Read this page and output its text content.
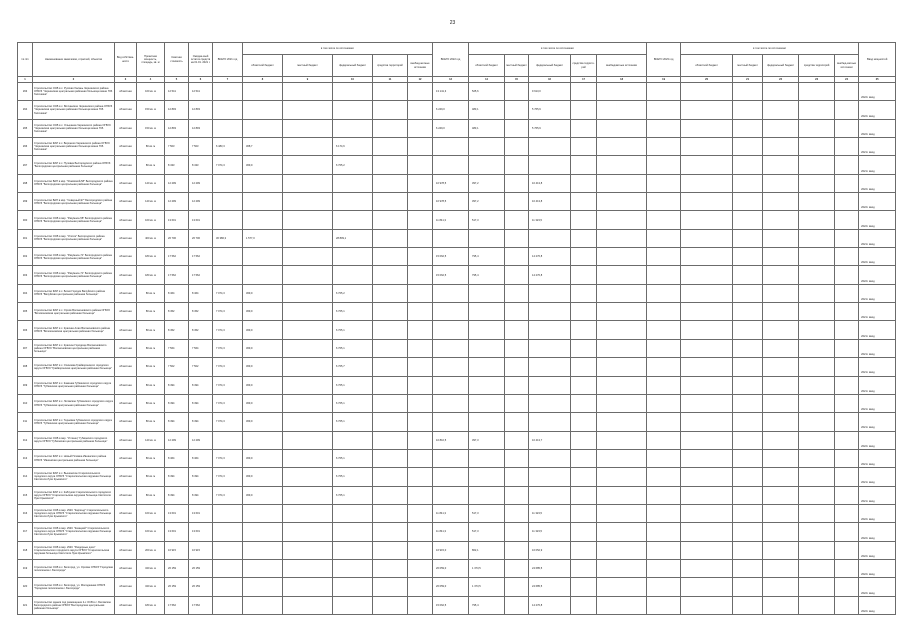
23
№ п/п	Наименование заказчиков, отраслей, объектов	Вид собствен-ности	Проектная мощность, площадь, кв. м	Сметная стоимость	Ожидае-мый остаток средств на 01.01. 2021 г.	ВСЕГО 2021 год	в том числе по источникам:					ВСЕГО 2022 год	в том числе по источникам:					ВСЕГО 2023 год	в том числе по источникам:					Ввод мощностей
							областной бюджет	местный бюджет	федеральный бюджет	средства территорий	внебюд-жетные источники		областной бюджет	местный бюджет	федеральный бюджет	средства террито-рий	внебюджетные источники		областной бюджет	местный бюджет	федеральный бюджет	средства территорий	внебюд-жетные источники	
1	2	3	4	5	6	7	8	9	10	11	12	13	14	15	16	17	18	19	20	21	22	23	24	25
293	Строительство ОСВ в с. Русская Халань Чернянского района ОГБУЗ "Чернянская центральная районная больница имени П.В. Гапочкина"	областная	160 кв. м	12 541	12 541							13 141,3	525,6		9 613,0									2022г. ввод
294	Строительство ОСВ в с. Волчанское Чернянского района ОГБУЗ "Чернянская центральная районная больница имени П.В. Гапочкина"	областная	150 кв. м	12 893	12 893							6 249,0	483,1		5 765,9									2022г. ввод
295	Строительство ОСВ в с. Ольшанка Чернянского района ОГБУЗ "Чернянская центральная районная больница имени П.В. Гапочкина"	областная	150 кв. м	12 893	12 893							6 249,0	483,1		5 765,9									2022г. ввод
296	Строительство ФАП в с. Верхнеяя Чернянского района ОГБУЗ "Чернянская центральная районная больница имени П.В. Гапочкина"	областная	80 кв. м	7 503	7 503	6 483,3	308,7		6 174,6															2021г. ввод
297	Строительство ФАП в с. Пулявка Белгородского района ОГБУЗ "Белгородская центральная районная больница"	областная	80 кв. м	8 433	8 433	7 074,3	369,9		6 705,2															2021г. ввод
298	Строительство ВАП в мкр. "Ячнёвский-58" Белгородского района ОГБУЗ "Белгородская центральная районная больница"	областная	140 кв. м	12 299	12 299							10 978,5	397,2		10 413,8									2022г. ввод
299	Строительство ВАП в мкр. "Северный-97" Белгородского района ОГБУЗ "Белгородская центральная районная больница"	областная	140 кв. м	12 299	12 299							10 978,5	397,2		10 413,8									2022г. ввод
300	Строительство ОСВ в мкр. "Разумное-58" Белгородского района ОГБУЗ "Белгородская центральная районная больница"	областная	160 кв. м	13 601	13 601							11 841,3	517,3		11 323,5									2022г. ввод
301	Строительство ОСВ в мкр. "Улиток" Белгородского района ОГБУЗ "Белгородская центральная районная больница"	областная	400 кв. м	26 706	26 706	30 386,3	1 577,0		28 809,1															2021г. ввод
302	Строительство ОСВ в мкр. "Разумное-71" Белгородского района ОГБУЗ "Белгородская центральная районная больница"	областная	180 кв. м	17 562	17 562							15 062,5	795,4		14 276,8									2022г. ввод
303	Строительство ОСВ в мкр. "Разумное-71" Белгородского района ОГБУЗ "Белгородская центральная районная больница"	областная	180 кв. м	17 562	17 562							15 062,5	795,4		14 276,8									2022г. ввод
304	Строительство ФАП в с. Бочки Городок Валуйского района ОГБУЗ "Валуйская центральная районная больница"	областная	80 кв. м	8 464	8 464	7 074,3	369,9		6 705,2															2021г. ввод
305	Строительство ФАП в с. Орлов Волоконовского района ОГБУЗ "Волоконовская центральная районная больница"	областная	80 кв. м	8 452	8 452	7 074,3	369,9		6 705,1															2021г. ввод
306	Строительство ФАП в с. Красная Алая Волоконовского района ОГБУЗ "Волоконовская центральная районная больница"	областная	80 кв. м	8 452	8 452	7 074,3	369,9		6 705,1															2021г. ввод
307	Строительство ФАП в с. Красное Городище Волоконовского района ОГБУЗ "Волоконовская центральная районная больница"	областная	80 кв. м	7 564	7 564	7 074,3	369,9		6 705,1															2021г. ввод
308	Строительство ФАП в с. Осиновка Грайворонского городского округа ОГБУЗ "Грайворонская центральная районная больница"	областная	80 кв. м	7 502	7 502	7 074,3	369,9		6 705,7															2021г. ввод
309	Строительство ФАП в с. Каменка Губкинского городского округа ОГБУЗ "Губкинская центральная районная больница"	областная	80 кв. м	8 494	8 494	7 074,3	369,9		6 705,1															2021г. ввод
310	Строительство ФАП в с. Лиговское Губкинского городского округа ОГБУЗ "Губкинская центральная районная больница"	областная	80 кв. м	8 494	8 494	7 074,3	369,9		6 705,1															2021г. ввод
311	Строительство ФАП в с. Терновка Губкинского городского округа ОГБУЗ "Губкинская центральная районная больница"	областная	80 кв. м	8 494	8 494	7 074,3	369,9		6 705,1															2021г. ввод
312	Строительство ОСВ в мкр. "Углянец" Губкинского городского округа ОГБУЗ "Губкинская центральная районная больница"	областная	140 кв. м	12 299	12 299							10 810,5	397,3		10 413,7									2022г. ввод
313	Строительство ФАП в с. Новый Псковка Ивнянского района ОГБУЗ "Ивнянская центральная районная больница"	областная	80 кв. м	8 464	8 464	7 074,3	369,9		6 705,1															2021г. ввод
314	Строительство ФАП в с. Вышинское Старооскольского городского округа ОГБУЗ "Старооскольская окружная больница Святителя Луки Крымского"	областная	80 кв. м	8 494	8 494	7 074,3	369,9		6 705,1															2021г. ввод
315	Строительство ФАП в с. Каблуков Старооскольского городского округа ОГБУЗ "Старооскольская окружная больница Святителя Луки Крымского"	областная	80 кв. м	8 494	8 494	7 074,3	369,9		6 705,1															2021г. ввод
316	Строительство ОСВ в мкр. ИЖС "Карпинд" Старооскольского городского округа ОГБУЗ "Старооскольская окружная больница Святителя Луки Крымского"	областная	160 кв. м	13 601	13 601							11 841,3	517,3		11 323,5									2022г. ввод
317	Строительство ОСВ в мкр. ИЖС "Казацкий" Старооскольского городского округа ОГБУЗ "Старооскольская окружная больница Святителя Луки Крымского"	областная	160 кв. м	13 601	13 601							11 841,3	517,3		11 323,5									2022г. ввод
318	Строительство ОСВ в мкр. ИЖС "Раздорные дачи" Старооскольского городского округа ОГБУЗ "Старооскольская окружная больница Святителя Луки Крымского"	областная	200 кв. м	16 915	16 915							16 915,0	862,1		16 052,9									2022г. ввод
319	Строительство ОСВ в с. Белгород, ул. Орлова ОГБУЗ "Городская поликлиника г. Белгорода"	областная	340 кв. м	26 159	26 159							26 059,0	1 373,5		24 685,5									2022г. ввод
320	Строительство ОСВ в с. Белгород, ул. Молодежная ОГБУЗ "Городская поликлиника г. Белгорода"	областная	340 кв. м	26 159	26 159							26 059,0	1 373,5		24 685,5									2022г. ввод
321	Строительство здания под размещение 2-х ОСВ в с. Беловское Белгородского района ОГБУЗ "Белгородская центральная районная больница"	областная	180 кв. м	17 562	17 562							15 062,5	795,4		14 276,8									2022г. ввод
